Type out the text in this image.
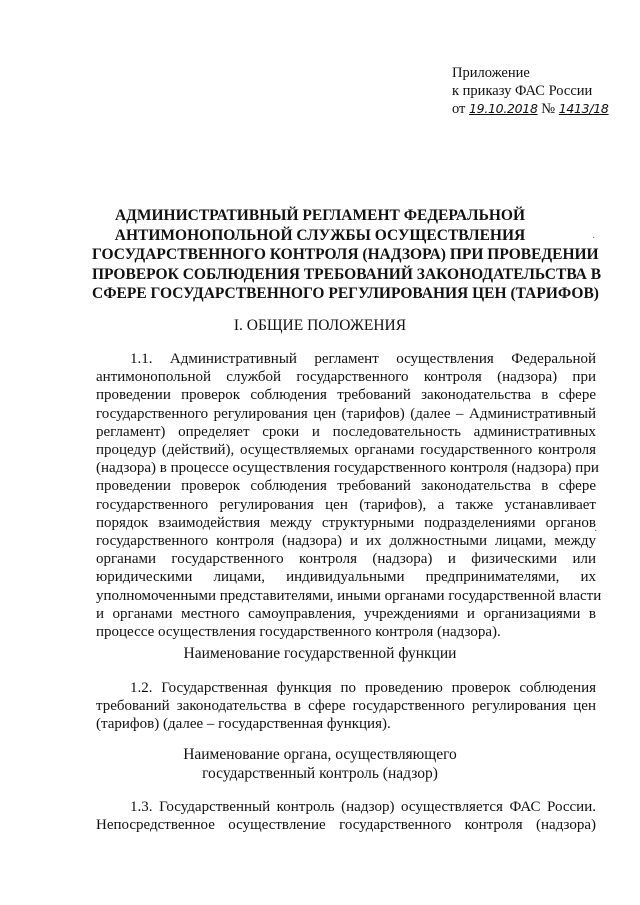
Приложение
к приказу ФАС России
от 19.10.2018 № 1413/18
АДМИНИСТРАТИВНЫЙ РЕГЛАМЕНТ ФЕДЕРАЛЬНОЙ
АНТИМОНОПОЛЬНОЙ СЛУЖБЫ ОСУЩЕСТВЛЕНИЯ
ГОСУДАРСТВЕННОГО КОНТРОЛЯ (НАДЗОРА) ПРИ ПРОВЕДЕНИИ
ПРОВЕРОК СОБЛЮДЕНИЯ ТРЕБОВАНИЙ ЗАКОНОДАТЕЛЬСТВА В
СФЕРЕ ГОСУДАРСТВЕННОГО РЕГУЛИРОВАНИЯ ЦЕН (ТАРИФОВ)
I. ОБЩИЕ ПОЛОЖЕНИЯ
1.1. Административный регламент осуществления Федеральной
антимонопольной службой государственного контроля (надзора) при
проведении проверок соблюдения требований законодательства в сфере
государственного регулирования цен (тарифов) (далее – Административный
регламент) определяет сроки и последовательность административных
процедур (действий), осуществляемых органами государственного контроля
(надзора) в процессе осуществления государственного контроля (надзора) при
проведении проверок соблюдения требований законодательства в сфере
государственного регулирования цен (тарифов), а также устанавливает
порядок взаимодействия между структурными подразделениями органов
государственного контроля (надзора) и их должностными лицами, между
органами государственного контроля (надзора) и физическими или
юридическими лицами, индивидуальными предпринимателями, их
уполномоченными представителями, иными органами государственной власти
и органами местного самоуправления, учреждениями и организациями в
процессе осуществления государственного контроля (надзора).
Наименование государственной функции
1.2. Государственная функция по проведению проверок соблюдения
требований законодательства в сфере государственного регулирования цен
(тарифов) (далее – государственная функция).
Наименование органа, осуществляющего
государственный контроль (надзор)
1.3. Государственный контроль (надзор) осуществляется ФАС России.
Непосредственное осуществление государственного контроля (надзора)
·
·
